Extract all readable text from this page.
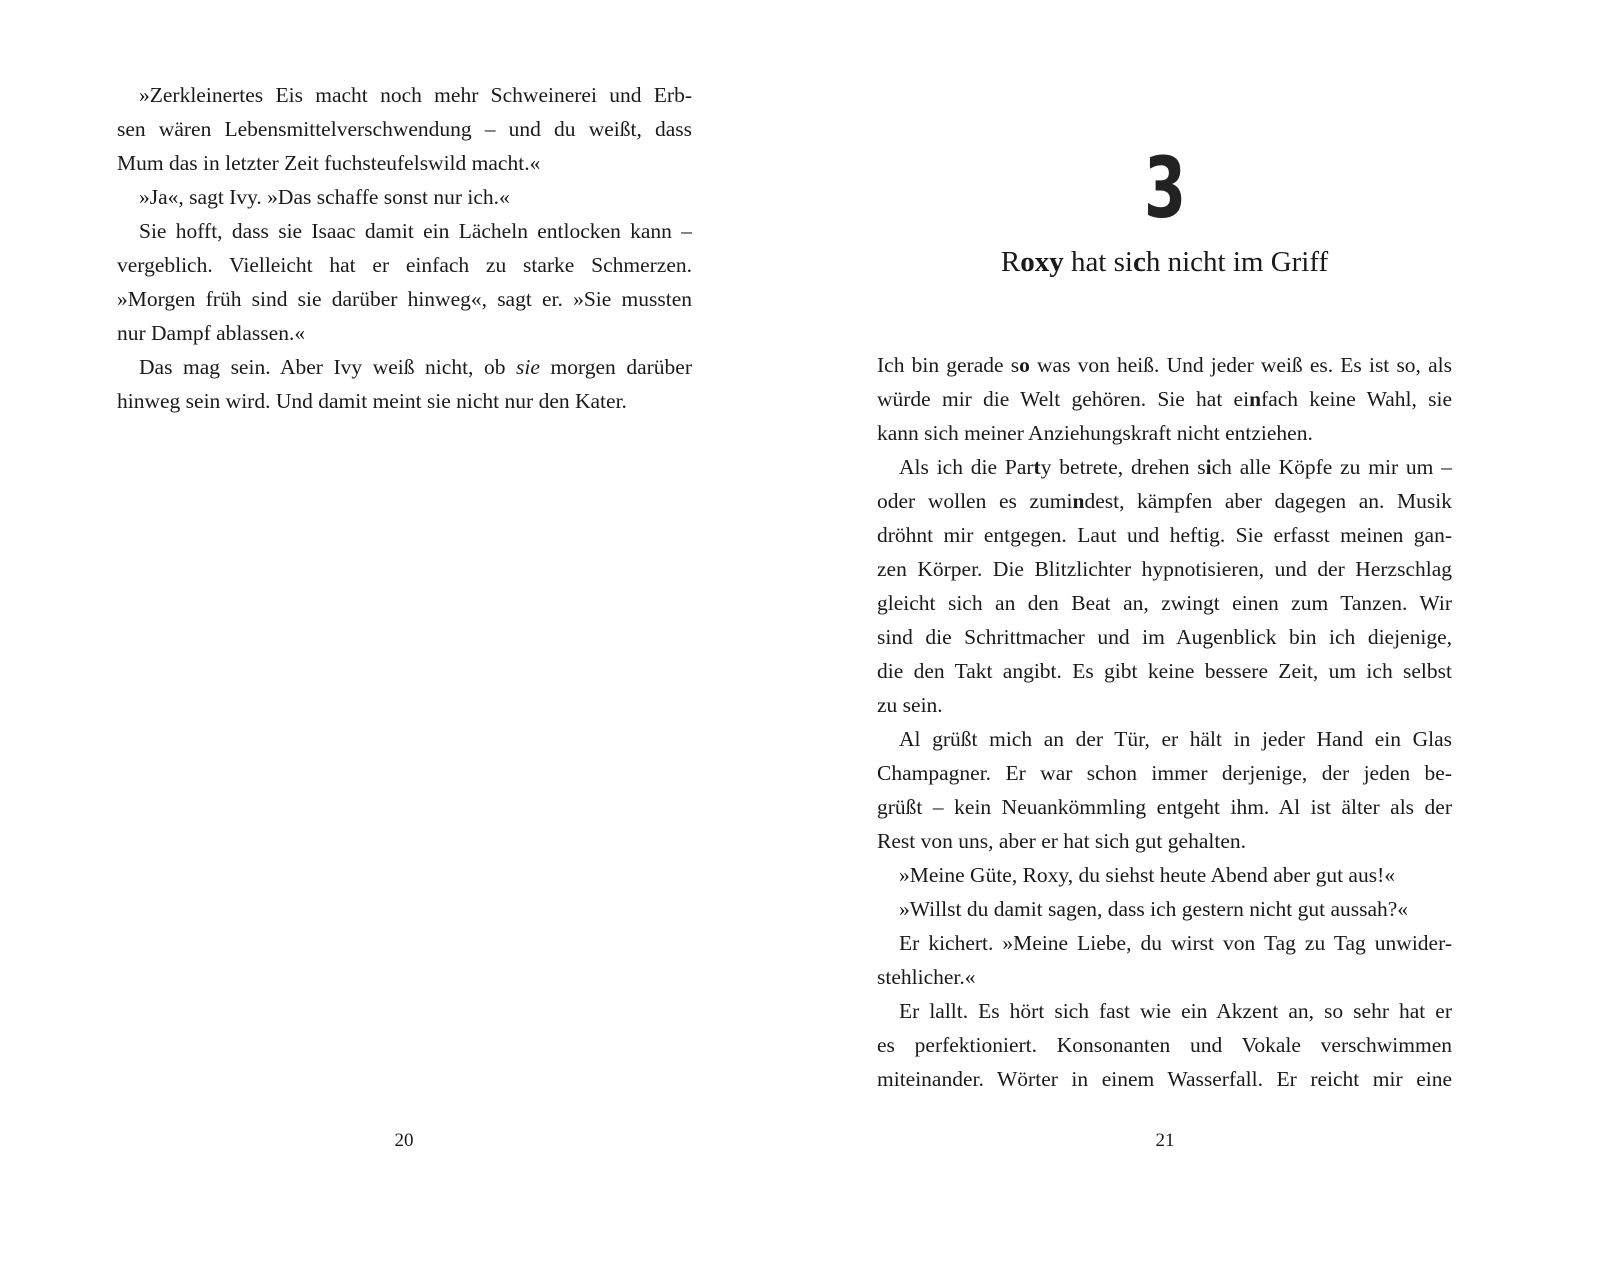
»Zerkleinertes Eis macht noch mehr Schweinerei und Erb-
sen wären Lebensmittelverschwendung – und du weißt, dass
Mum das in letzter Zeit fuchsteufelswild macht.«
»Ja«, sagt Ivy. »Das schaffe sonst nur ich.«
Sie hofft, dass sie Isaac damit ein Lächeln entlocken kann –
vergeblich. Vielleicht hat er einfach zu starke Schmerzen.
»Morgen früh sind sie darüber hinweg«, sagt er. »Sie mussten
nur Dampf ablassen.«
Das mag sein. Aber Ivy weiß nicht, ob sie morgen darüber
hinweg sein wird. Und damit meint sie nicht nur den Kater.
3
Roxy hat sich nicht im Griff
Ich bin gerade so was von heiß. Und jeder weiß es. Es ist so, als
würde mir die Welt gehören. Sie hat einfach keine Wahl, sie
kann sich meiner Anziehungskraft nicht entziehen.
Als ich die Party betrete, drehen sich alle Köpfe zu mir um –
oder wollen es zumindest, kämpfen aber dagegen an. Musik
dröhnt mir entgegen. Laut und heftig. Sie erfasst meinen gan-
zen Körper. Die Blitzlichter hypnotisieren, und der Herzschlag
gleicht sich an den Beat an, zwingt einen zum Tanzen. Wir
sind die Schrittmacher und im Augenblick bin ich diejenige,
die den Takt angibt. Es gibt keine bessere Zeit, um ich selbst
zu sein.
Al grüßt mich an der Tür, er hält in jeder Hand ein Glas
Champagner. Er war schon immer derjenige, der jeden be-
grüßt – kein Neuankömmling entgeht ihm. Al ist älter als der
Rest von uns, aber er hat sich gut gehalten.
»Meine Güte, Roxy, du siehst heute Abend aber gut aus!«
»Willst du damit sagen, dass ich gestern nicht gut aussah?«
Er kichert. »Meine Liebe, du wirst von Tag zu Tag unwider-
stehlicher.«
Er lallt. Es hört sich fast wie ein Akzent an, so sehr hat er
es perfektioniert. Konsonanten und Vokale verschwimmen
miteinander. Wörter in einem Wasserfall. Er reicht mir eine
20	21
